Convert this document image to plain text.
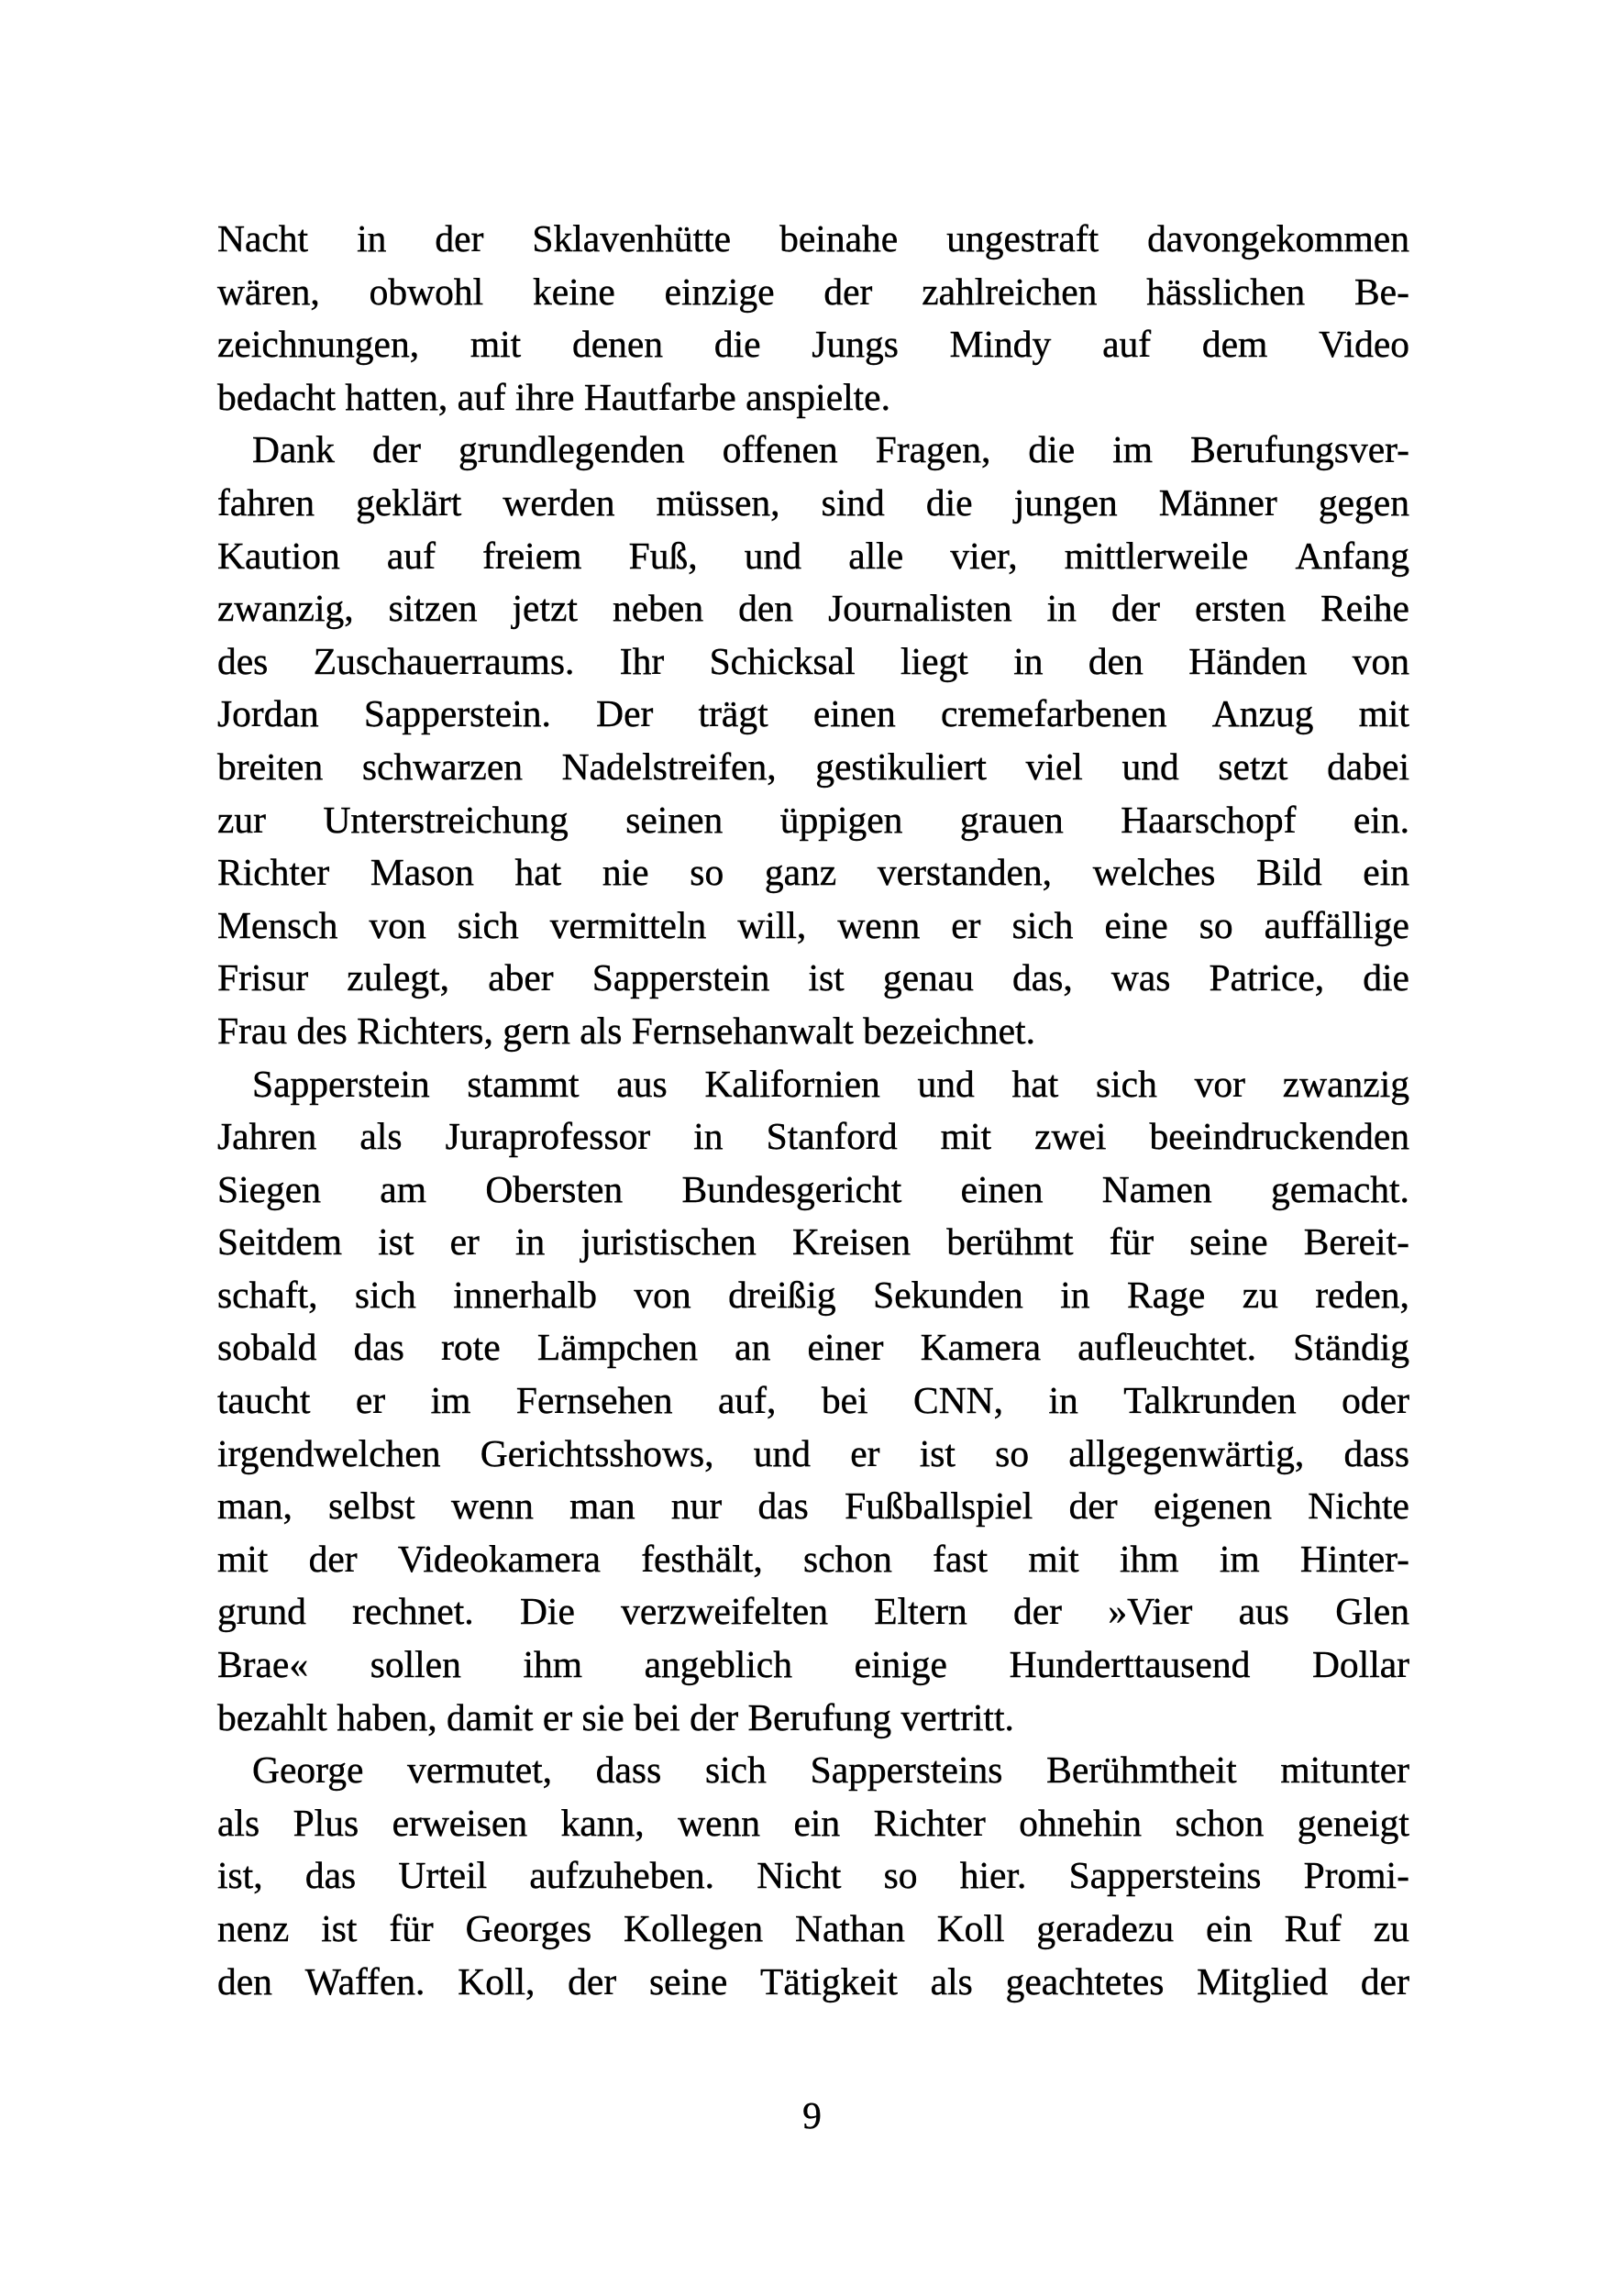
Nacht in der Sklavenhütte beinahe ungestraft davongekommen
wären, obwohl keine einzige der zahlreichen hässlichen Be-
zeichnungen, mit denen die Jungs Mindy auf dem Video
bedacht hatten, auf ihre Hautfarbe anspielte.
Dank der grundlegenden offenen Fragen, die im Berufungsver-
fahren geklärt werden müssen, sind die jungen Männer gegen
Kaution auf freiem Fuß, und alle vier, mittlerweile Anfang
zwanzig, sitzen jetzt neben den Journalisten in der ersten Reihe
des Zuschauerraums. Ihr Schicksal liegt in den Händen von
Jordan Sapperstein. Der trägt einen cremefarbenen Anzug mit
breiten schwarzen Nadelstreifen, gestikuliert viel und setzt dabei
zur Unterstreichung seinen üppigen grauen Haarschopf ein.
Richter Mason hat nie so ganz verstanden, welches Bild ein
Mensch von sich vermitteln will, wenn er sich eine so auffällige
Frisur zulegt, aber Sapperstein ist genau das, was Patrice, die
Frau des Richters, gern als Fernsehanwalt bezeichnet.
Sapperstein stammt aus Kalifornien und hat sich vor zwanzig
Jahren als Juraprofessor in Stanford mit zwei beeindruckenden
Siegen am Obersten Bundesgericht einen Namen gemacht.
Seitdem ist er in juristischen Kreisen berühmt für seine Bereit-
schaft, sich innerhalb von dreißig Sekunden in Rage zu reden,
sobald das rote Lämpchen an einer Kamera aufleuchtet. Ständig
taucht er im Fernsehen auf, bei CNN, in Talkrunden oder
irgendwelchen Gerichtsshows, und er ist so allgegenwärtig, dass
man, selbst wenn man nur das Fußballspiel der eigenen Nichte
mit der Videokamera festhält, schon fast mit ihm im Hinter-
grund rechnet. Die verzweifelten Eltern der »Vier aus Glen
Brae« sollen ihm angeblich einige Hunderttausend Dollar
bezahlt haben, damit er sie bei der Berufung vertritt.
George vermutet, dass sich Sappersteins Berühmtheit mitunter
als Plus erweisen kann, wenn ein Richter ohnehin schon geneigt
ist, das Urteil aufzuheben. Nicht so hier. Sappersteins Promi-
nenz ist für Georges Kollegen Nathan Koll geradezu ein Ruf zu
den Waffen. Koll, der seine Tätigkeit als geachtetes Mitglied der
9
